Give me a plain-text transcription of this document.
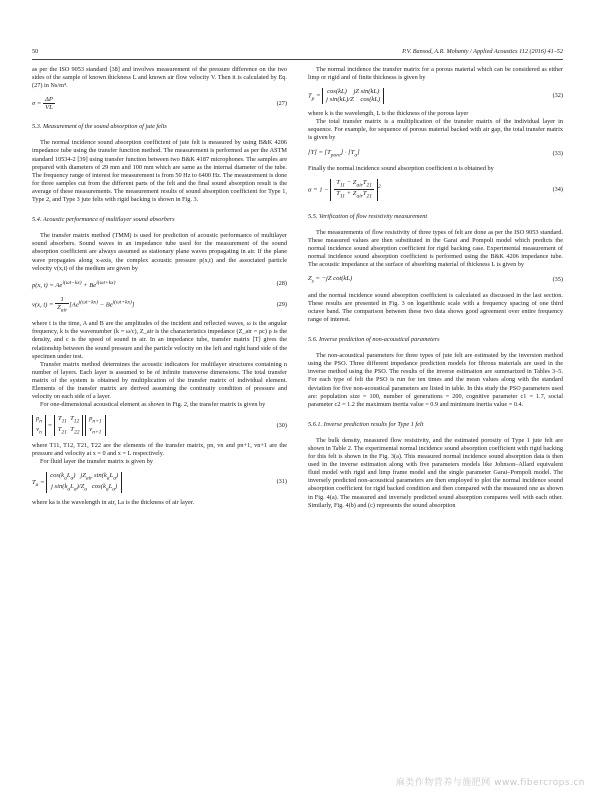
50	P.V. Bansod, A.R. Mohanty / Applied Acoustics 112 (2016) 41–52

as per the ISO 9053 standard [38] and involves measurement of the pressure difference on the two sides of the sample of known thickness L and known air flow velocity V. Then it is calculated by Eq. (27) in Ns/m⁴.

$\sigma = \frac{\Delta P}{VL}$	(27)
5.3. Measurement of the sound absorption of jute felts

The normal incidence sound absorption coefficient of jute felt is measured by using B&K 4206 impedance tube using the transfer function method. The measurement is performed as per the ASTM standard 10534-2 [39] using transfer function between two B&K 4187 microphones. The samples are prepared with diameters of 29 mm and 100 mm which are same as the internal diameter of the tube. The frequency range of interest for measurement is from 50 Hz to 6400 Hz. The measurement is done for three samples cut from the different parts of the felt and the final sound absorption result is the average of these measurements. The measurement results of sound absorption coefficient for Type 1, Type 2, and Type 3 jute felts with rigid backing is shown in Fig. 3.

5.4. Acoustic performance of multilayer sound absorbers

The transfer matrix method (TMM) is used for prediction of acoustic performance of multilayer sound absorbers. Sound waves in an impedance tube used for the measurement of the sound absorption coefficient are always assumed as stationary plane waves propagating in air. If the plane wave propagates along x-axis, the complex acoustic pressure p(x,t) and the associated particle velocity v(x,t) of the medium are given by

p(x, $t) = Ae^{i(\omega t-kx)} + Be^{i(\omega t+kx)}$	(28)
v(x, $t) = \frac{1}{Z_{air}} [Ae^{i(\omega t-kx)} - Be^{i(\omega t+kx)}]$	(29)

where t is the time, A and B are the amplitudes of the incident and reflected waves, ω is the angular frequency, k is the wavenumber (k = ω/c), Z_air is the characteristics impedance (Z_air = ρc) ρ is the density, and c is the speed of sound in air. In an impedance tube, transfer matrix [T] gives the relationship between the sound pressure and the particle velocity on the left and right hand side of the specimen under test.

Transfer matrix method determines the acoustic indicators for multilayer structures containing n number of layers. Each layer is assumed to be of infinite transverse dimensions. The total transfer matrix of the system is obtained by multiplication of the transfer matrix of individual element. Elements of the transfer matrix are derived assuming the continuity condition of pressure and velocity on each side of a layer.

For one-dimensional acoustical element as shown in Fig. 2, the transfer matrix is given by

$p_n$
$v_n = T_{11}$  $T_{12}$
$T_{21}$  $T_{22}$ $p_{n+1}$
$v_{n+1}$
(30)

where T11, T12, T21, T22 are the elements of the transfer matrix, pn, vn and pn+1, vn+1 are the pressure and velocity at x = 0 and x = L respectively.

For fluid layer the transfer matrix is given by

$T_a = \cos(k_aL_a)$   $jZ_{air}$ $\sin(k_aL_a)$
j $\sin(k_aL_a)/Z_a$   $\cos(k_aL_a)$
(31)

where ka is the wavelength in air, La is the thickness of air layer.

The normal incidence the transfer matrix for a porous material which can be considered as either limp or rigid and of finite thickness is given by

$T_p = \cos(kL)$    jZ sin(kL)
j sin(kL)/Z    cos(kL)
(32)

where k is the wavelength, L is the thickness of the porous layer

The total transfer matrix is a multiplication of the transfer matrix of the individual layer in sequence. For example, for sequence of porous material backed with air gap, the total transfer matrix is given by

$[T] = [T_{pore}] \cdot [T_a]$	(33)

Finally the normal incidence sound absorption coefficient α is obtained by

$\alpha = 1 - \frac{T_{11} - Z_{air}T_{21}}{T_{11} + Z_{air}T_{21}} ^2$	(34)
5.5. Verification of flow resistivity measurement

The measurements of flow resistivity of three types of felt are done as per the ISO 9053 standard. These measured values are then substituted in the Garai and Pompoli model which predicts the normal incidence sound absorption coefficient for rigid backing case. Experimental measurement of normal incidence sound absorption coefficient is performed using the B&K 4206 impedance tube. The acoustic impedance at the surface of absorbing material of thickness L is given by

$Z_s = -jZ$ cot(kL)	(35)

and the normal incidence sound absorption coefficient is calculated as discussed in the last section. These results are presented in Fig. 3 on logarithmic scale with a frequency spacing of one third octave band. The comparison between these two data shows good agreement over entire frequency range of interest.

5.6. Inverse prediction of non-acoustical parameters

The non-acoustical parameters for three types of jute felt are estimated by the inversion method using the PSO. Three different impedance prediction models for fibrous materials are used in the inverse method using the PSO. The results of the inverse estimation are summarized in Tables 3–5. For each type of felt the PSO is run for ten times and the mean values along with the standard deviation for five non-acoustical parameters are listed in table. In this study the PSO parameters used are: population size = 100, number of generations = 200, cognitive parameter c1 = 1.7, social parameter c2 = 1.2 the maximum inertia value = 0.9 and minimum inertia value = 0.4.

5.6.1. Inverse prediction results for Type 1 felt

The bulk density, measured flow resistivity, and the estimated porosity of Type 1 jute felt are shown in Table 2. The experimental normal incidence sound absorption coefficient with rigid backing for this felt is shown in the Fig. 3(a). This measured normal incidence sound absorption data is then used in the inverse estimation along with five parameters models like Johnson–Allard equivalent fluid model with rigid and limp frame model and the single parameter Garai–Pompoli model. The inversely predicted non-acoustical parameters are then employed to plot the normal incidence sound absorption coefficient for rigid backed condition and then compared with the measured one as shown in Fig. 4(a). The measured and inversely predicted sound absorption compares well with each other. Similarly, Fig. 4(b) and (c) represents the sound absorption

麻类作物营养与施肥网 www.fibercrops.cn
